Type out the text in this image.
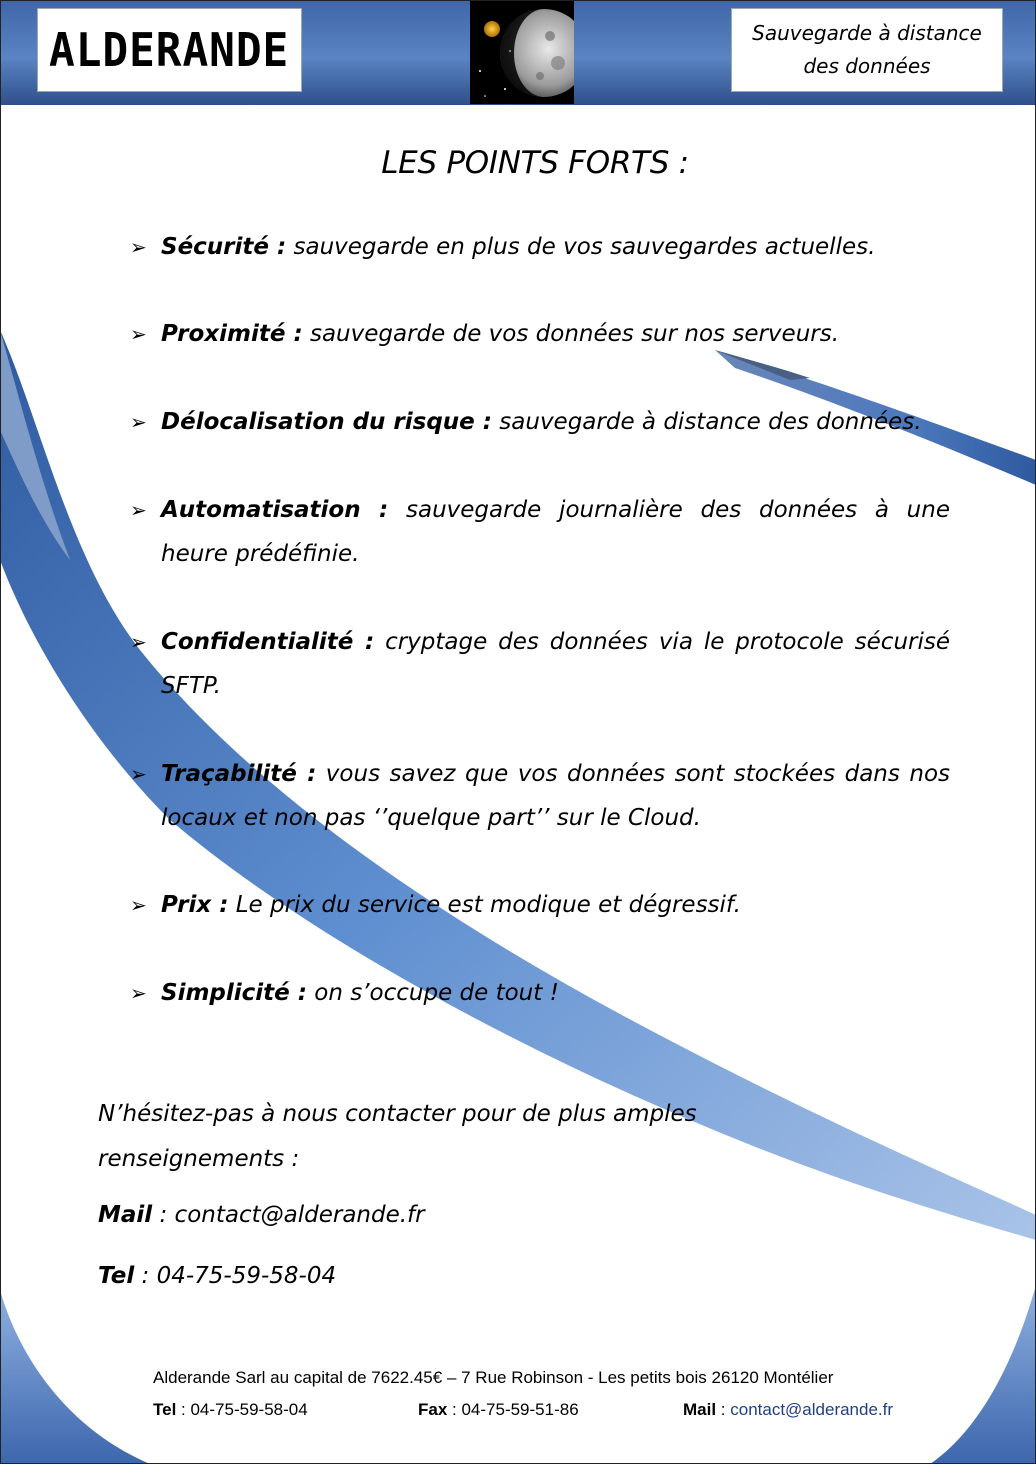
ALDERANDE	Sauvegarde à distance
des données
LES POINTS FORTS :
➢ Sécurité : sauvegarde en plus de vos sauvegardes actuelles.
➢ Proximité : sauvegarde de vos données sur nos serveurs.
➢ Délocalisation du risque : sauvegarde à distance des données.
➢ Automatisation : sauvegarde journalière des données à une heure prédéfinie.
➢ Confidentialité : cryptage des données via le protocole sécurisé SFTP.
➢ Traçabilité : vous savez que vos données sont stockées dans nos locaux et non pas ‘’quelque part’’ sur le Cloud.
➢ Prix : Le prix du service est modique et dégressif.
➢ Simplicité : on s’occupe de tout !
N’hésitez-pas à nous contacter pour de plus amples
renseignements :
Mail : contact@alderande.fr
Tel : 04-75-59-58-04
Alderande Sarl au capital de 7622.45€ – 7 Rue Robinson - Les petits bois 26120 Montélier
Tel : 04-75-59-58-04	Fax : 04-75-59-51-86	Mail : contact@alderande.fr
